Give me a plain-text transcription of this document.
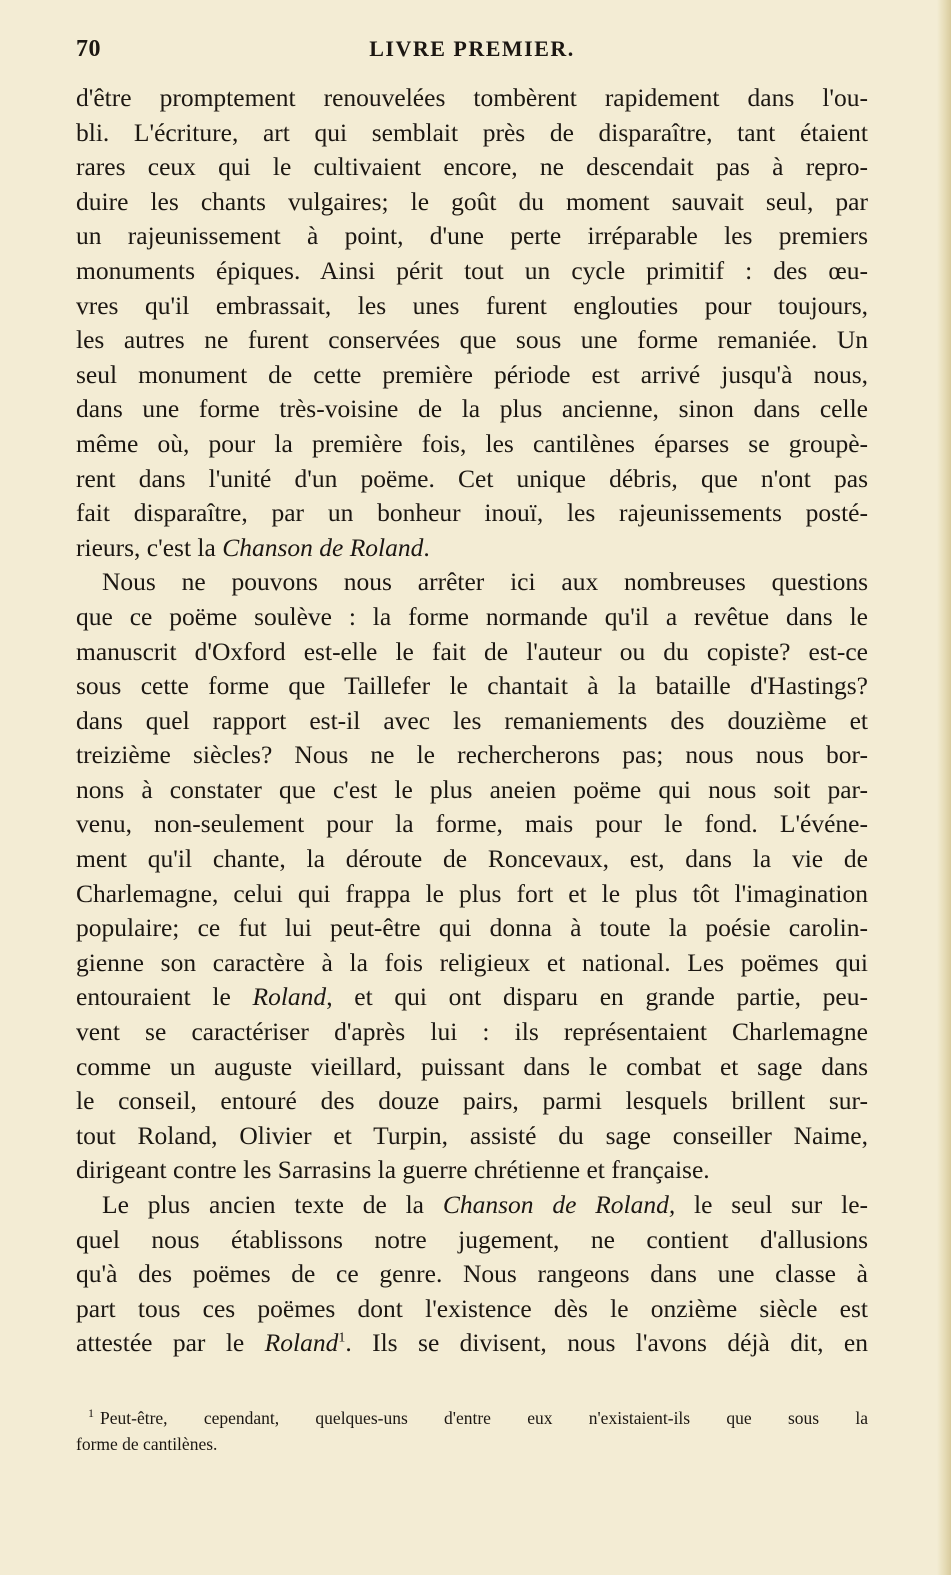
70	LIVRE PREMIER.
d'être promptement renouvelées tombèrent rapidement dans l'ou-
bli. L'écriture, art qui semblait près de disparaître, tant étaient
rares ceux qui le cultivaient encore, ne descendait pas à repro-
duire les chants vulgaires; le goût du moment sauvait seul, par
un rajeunissement à point, d'une perte irréparable les premiers
monuments épiques. Ainsi périt tout un cycle primitif : des œu-
vres qu'il embrassait, les unes furent englouties pour toujours,
les autres ne furent conservées que sous une forme remaniée. Un
seul monument de cette première période est arrivé jusqu'à nous,
dans une forme très-voisine de la plus ancienne, sinon dans celle
même où, pour la première fois, les cantilènes éparses se groupè-
rent dans l'unité d'un poëme. Cet unique débris, que n'ont pas
fait disparaître, par un bonheur inouï, les rajeunissements posté-
rieurs, c'est la Chanson de Roland.
Nous ne pouvons nous arrêter ici aux nombreuses questions
que ce poëme soulève : la forme normande qu'il a revêtue dans le
manuscrit d'Oxford est-elle le fait de l'auteur ou du copiste? est-ce
sous cette forme que Taillefer le chantait à la bataille d'Hastings?
dans quel rapport est-il avec les remaniements des douzième et
treizième siècles? Nous ne le rechercherons pas; nous nous bor-
nons à constater que c'est le plus aneien poëme qui nous soit par-
venu, non-seulement pour la forme, mais pour le fond. L'événe-
ment qu'il chante, la déroute de Roncevaux, est, dans la vie de
Charlemagne, celui qui frappa le plus fort et le plus tôt l'imagination
populaire; ce fut lui peut-être qui donna à toute la poésie carolin-
gienne son caractère à la fois religieux et national. Les poëmes qui
entouraient le Roland, et qui ont disparu en grande partie, peu-
vent se caractériser d'après lui : ils représentaient Charlemagne
comme un auguste vieillard, puissant dans le combat et sage dans
le conseil, entouré des douze pairs, parmi lesquels brillent sur-
tout Roland, Olivier et Turpin, assisté du sage conseiller Naime,
dirigeant contre les Sarrasins la guerre chrétienne et française.
Le plus ancien texte de la Chanson de Roland, le seul sur le-
quel nous établissons notre jugement, ne contient d'allusions
qu'à des poëmes de ce genre. Nous rangeons dans une classe à
part tous ces poëmes dont l'existence dès le onzième siècle est
attestée par le Roland$^1$. Ils se divisent, nous l'avons déjà dit, en
$^1$ Peut-être, cependant, quelques-uns d'entre eux n'existaient-ils que sous la
forme de cantilènes.
